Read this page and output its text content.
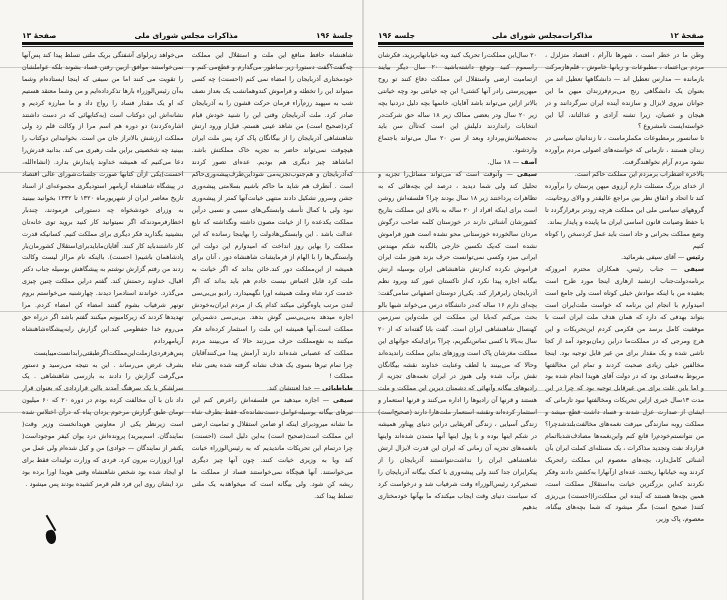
جلسهٔ ۱۹۶
مذاکرات مجلس شورای ملی
صفحهٔ ۱۳

شاهنشاه حافظ منافع این ملت و استقلال این مملکت چه‌گفت؟گفت دستورا زیر ساطور می‌گذارم و قطع‌می کنم و خودمختاری آذربایجان را امضاء نمی کنم (احسنت) چه کسی میتواند این را تخطئه و فراموش کندوهمانشب یک بعداز نصف شب به سپهبد رزم‌آراء فرمان حرکت قشون را به آذربایجان صادر کرد. ملت آذربایجان وقتی این را شنید خودش قیام کرد(صحیح است) من شاهد عینی هستم. قبل‌از ورود ارتش شاهنشاهی آذربایجان را از بیگانگان پاک کرد پس ملت ایران هیچوقت نمی‌تواند حاضر به تجزیه خاک مملکتش باشد. اماشاهد چیز دیگری هم بودیم. عده‌ای تصور کردند که‌آذربایجان و هم‌جنوب‌تجزیه‌می شود‌این‌طرف‌پیشه‌وری‌حاکم است . آنطرف هم شاید ما حاکم باشیم بسلامتی پیشه‌وری جشن وسرور تشکیل دادند منتهی خیانت‌آنها کمتر از پیشه‌وری نبود ولی با کمال تأسف وابستگی‌های سببی و نسبی درآین مملکت یکدعده را از خیانت مصون داشته ونگذاشته که تابع عدالت باشد . این وابستگی‌هادولت را بهاینجا رسانده که این مملکت را بهاین روز انداخت که امیدوارم این دولت این وابستگی‌ها را با الهام از فرمایشات شاهنشاه دور ، آنان برای همیشه از این‌مملکت دور کند.خائن بداند که اگر خیانت به ملت کرد قابل اغماض نیست خادم هم باید بداند که اگر خدمت کرد شاه وملت همیشه اورا نگهمیدارد. رادیو بی‌بی‌سی لندن مرتب یاوه‌گوئی میکند کدام یک از مردم ایران‌به‌خودش اجازه میدهد به‌بی‌بی‌سی گوش بدهد. بی‌بی‌سی دشمن‌این مملکت است.آنها همیشه این ملت را استثمار کرده‌اند فکر میکنند به نفع‌مملکت حرف می‌زنند حالا که می‌بینند مردم مملکت که عصبانی شده‌اند دارند آرامش پیدا می‌کنند‌آقایان چرا تمام تیرها بسوی یک هدف نشانه گرفته شده یعنی شاه مملکت !

طباطبائی — خدا لعنتشان کند.

سیفی — اجازه میدهید من فلسفه‌اش راعرض کنم این تیرهای بیگانه بوسیله‌عوامل دست‌نشانده‌که فقط بطرف شاه ما نشانه میرودبرای اینکه او ضامن استقلال و تمامیت ارضی این مملکت است(صحیح است) به‌این دلیل است (احسنت) چرا درتمام این تحریکات ماندیدیم که به رئیس‌الوزراء خیانت کند ویا به وزیری خیانت کنند. چون آنها چیز دیگری می‌خواستند. آنها هیچگاه نمی‌خواستند فساد از مملکت ما ریشه کن شود. ولی بیگانه است که میخواهدبه یک ملتی تسلط پیدا کند.

می‌خواهد زیرلوای آشفتگی بریک ملتی تسلط پیدا کند پس‌آنها نمی‌خواستند موافق ازبین رفتن فساد بشوند بلکه عواملشان را تقویت می کنند اما من سیفی که اینجا ایستاده‌ام وشما به‌آن رئیس‌الوزراء بارها تذکرداده‌ایم و من وشما معتقد هستیم که او یک مقدار فساد را رواج داد و ما مبارزه کردیم و نشانه‌اش این دوکتاب است (به‌کتابهائی که در دست داشتند اشاره‌کردند) دو دوره هم اسم مرا از وکالت قلم زد ولی مملکت ارزشش بالاتراز جان من است. بخوانیداین دوکتاب را ببینید چه شخصیتی براین ملت رهبری می کند. بدانید قدرش‌را دعا می‌کنیم که همیشه خداوند پایدارش بدارد. (انشاءالله، احسنت)یکی ازآن کتابها صورت جلسات‌شورای عالی اقتصاد در پیشگاه شاهنشاه آریامهر استودیگری مجموعه‌ای از اسناد تاریخ معاصر ایران از شهریورماه ۱۳۲۰ تا ۱۳۳۲ بخوانید ببینید به وزرای خودشخواه چه دستوراتی فرمودند، چندبار اخطارفرمودندکه اگر نمیتوانید کار کنید بروید توی خانه‌تان بنشینید بگذارید فکر دیگری برای مملکت کنیم. کسانیکه قدرت کار داشتند‌باید کار کنند. آقایان‌ما‌باید‌برای‌استقلال کشورمان‌بار پادشاهمان باشیم( احسنت). بااینکه نام مرااز لیست وکالت زدند من رفتم گزارش نوشتم به پیشگاهش بوسیله جناب دکتر اقبال، خداوند رحمتش کند. گفتم دراین مملکت چنین چیزی می‌گذرد. خواندند اسنادمرا دیدند. چهارشنبه می‌خواستم بروم تونهر شرفیاب بشوم گفتند امضاء کن امضاء کردم. مرا تهدیدها کردند که زیرکامیونم میکنند گفتم باشد اگر درراه حق می‌روم خدا حفظومی کند.این گزارش رابه‌پیشگاه‌شاهنشاه آریامهردادم پس‌هرفردی‌ازملت‌این‌مملکت‌اگرطبقتی‌را‌بدانست‌میبایست بشرف عرض می‌رساند . این به نتیجه می‌رسید و دستور می‌گرفت گزارش را دادند به بازرسی شاهنشاهی . یک سرلشکر با یک سرهنگ آمدند بااین قراردادی که بعنوان قرار داد نان با آن مخالفت کرده بودم در دوره ۲۰ که ۶۰ میلیون تومان طبق گزارش مرحوم یزدان پناه که درآن اختلاس شده است زیرنظر یکی از معاونین هویدانخست وزیر وقت( نمایندگان. اسم‌ببرید) پرونده‌اش درد یوان کیفر موجوداست( یکنفر از نمایندگان — جوادی) من و کیل شده‌ام ولی عمل من اورا ازوزارت بیرون کرد. فردی که وزارت تولیدات فقط برای او ایجاد شده بود شخص شاهنشاه وقتی هویدا اورا برده بود نزد ایشان روی این فرد قلم قرمز کشیده بودند پس میشود .

صفحهٔ ۱۲
مذاکرات‌مجلس شورای ملی
جلسه ۱۹۶

وطن ما در خطر است ، شهرها ناآرام ، اقتصاد متزلزل ، مردم بی‌اعتماد ، مطبوعات و زبانها خاموش ، قلم‌ها‌زمرکت بازمانده — مدارس تعطیل اند — دانشگاهها تعطیل اند من بعنوان یک دانشگاهی رنج می‌برم‌فرزندان میهن ما این جوانان نیروی لایزال و سازنده آینده ایران سرگردانند و در هیجان و عصیان، زیرا تشنه آزادی و عدالتاند، آیا این خواسته‌ایست نامشروع ؟

تا سانسور برمطبوعات مکملرماست ، تا زندانیان سیاسی در زندان هستند ، تازمانی که خواسته‌های اصولی مردم برآورده نشود مردم آرام نخواهندگرفت.

بالاخره اضطراب برمردم این مملکت حاکم است.

از خدای بزرگ مسئلت دارم آرزوی میهن پرستان را برآورده کند تا اتحاد و اتفاق نظر بین مراجع عالیقدر و والای روحانیت، گروههای سیاسی ملی این مملکت هرچه زودتر برقرارگردد تا با حفظ وصیانت قانون اساسی ایران ما پاینده و پایدار بماند.

وضع مملکت بحرانی و حاد است باید عمل کردسخن را کوتاه کنیم

رئیس — آقای سیفی بفرمائید.

سیفی — جناب رئیس، همکاران محترم امروزکه برنامه‌دولت‌جناب ارتشبد ازهاری اینجا مورد طرح است بعقیده من با اینکه موادش خیلی کوتاه است ولی جامع است امیدوارم با انجام این برنامه که خواست ملت‌ایران است بتواند بهدفی که دارد که همان هدف ملت ایران است با موفقیت کامل برسد من فکرمی کردم این‌تحریکات و این هرج ومرجی که در مملکت‌ما دراین زمان‌بوجود آمد از کجا ناشی شده و یک مقدار برای من غیر قابل توجیه بود. اینجا مخالفین خیلی زیادی صحبت کردند و تمام این مخالفتها مربوط به‌فسادی بود که در دولت آقای هویدا انجام شده بود و اما باین علت برای من غیرقابل توجیه بود که چرا در این مدت ۱۳سال خبری ازاین تحریکات ومخالفتها نبود تازمانی که ایشان از صدارت عزل شدند و فساد داشت قطع میشد و مملکت روبه سازندگی میرفت نغمه‌های مخالفت‌بلندشد‌چرا؟‌من نتوانستم‌خودم‌را قانع کنم واین‌نغمه‌ها مصادف‌شد‌با‌اتمام قرارداد نفت وتجدید مذاکرات ، یک مسئله‌ای کملت ایران بآن آشنائی کامل‌دارد، بچه‌های معصوم این مملکت راتحریک کردند وبه خیابانها ریختند، عده‌ای ازآنهارا به‌کشتن دادند وفکر نکردند که‌این بزرگترین خیانت به‌استقلال مملکت است، همین بچه‌ها هستند که آینده این مملکت‌را(احسنت) بی‌ریزی کنند( صحیح است) مگر میشود که شما بچه‌های بیگناه، معصوم، پاک وزیر،

۲۰ سال‌این مملکت‌را تحریک کنید وبه خیابانهابریزید، فکرشان راسموم کنید وتوقع داشته‌باشید ۲۰ سال دیگر بیایند ازتمامیت ارضی واستقلال این مملکت دفاع کنند تو روح میهن‌پرستی رادر آنها کشتی! این چه خیانتی بود وچه خیانتی بالاتر ازاین می‌تواند باشد آقایان، خانمها بچه دلیل دردنیا بچه زیر ۲۰ سال ودر بعضی ممالک زیر ۱۸ ساله حق شرکت‌در انتخابات رانداردند دلیلش این است که‌تاآن سن باید به‌تحصیلاتش‌بپردازد وبعد از سن ۲۰ سال می‌تواند باجتماع واردشود.

آصف — ۱۸ سال.

سیفی — وآنوقت است که می‌تواند مسائل‌را تجزیه و تحلیل کند ولی شما دیدید ، درصد این بچه‌هائی که به تظاهرات پرداختند زیر ۱۸ سال بودند چرا؟ فلسفه‌اش روشن است برای اینکه افراد از ۲۰ ساله به بالای این مملکت بتاریخ کشورشان آشنائی دارند در خوزستان کلمه صاحب درگوش مردان سالخورده خوزستانی محو نشده است هنوز فراموش نشده است که‌یک تکسین خارجی بالگدبه شکم مهندس ایرانی میزد وکسی نمی‌توانست حرف بزند هنوز ملت ایران فراموش نکرده که‌ارتش شاهنشاهی ایران بوسیله ارتش بیگانه اجازه پیدا نکرد که‌از تاکستان عبور کند وبرود نظم آذربایجان رابرقرار کند. یکی‌از دوستان اصفهانی سامی‌گفت: بچه‌ای دارم ۱۶ ساله که‌در دانشگاه درس می‌خواند شبها بالو بحث می‌کنم که‌بابا این مملکت این ملت‌واین سرزمین کهنسال شاهنشاهی ایران است. گفت بابا گفته‌اند که از ۲۰ سال به‌بالا با کسی تماس‌نگیریم، چرا؟ برای‌اینکه جوانهای این مملکت مغزشان پاک است وروزهای بداین مملکت راندیده‌اند وحالا که می‌بینند با لطف وعنایت خداوند نقشه بیگانگان نقش برآب شده ولی هنوز در ایران نغمه‌های تجزیه از رادیوهای بیگانه وآنهائی که دشمنان دیرین این مملکت و ملت هستند و قرنها آن رادیوها را اداره می‌کنند و قرنها استعمار و استثمار کرده‌اند ونقشه استعمار ملت‌هارا دارند (صحیح‌است) زندگی آسیایی ، زندگی آفریقایی دراین دنیای پهناور همیشه در شکم اینها بوده و با پول اینها آنها متمدن شده‌اند واینها بانغمه‌های تجزیه آن زمانی که ایران این قدرت لایزال ارتش شاهنشاهی ایران را نداشت‌نتوانستند آذربایجان را از پیکرایران جدا کنند ولی پیشه‌وری با کمک بیگانه آذربایجان را تسخیرکرد رئیس‌الوزراء وقت شرفیاب شد و درخواست کرد که سیاست دنیای وقت ایجاب میکندکه ما بهآنها خودمختاری بدهیم
